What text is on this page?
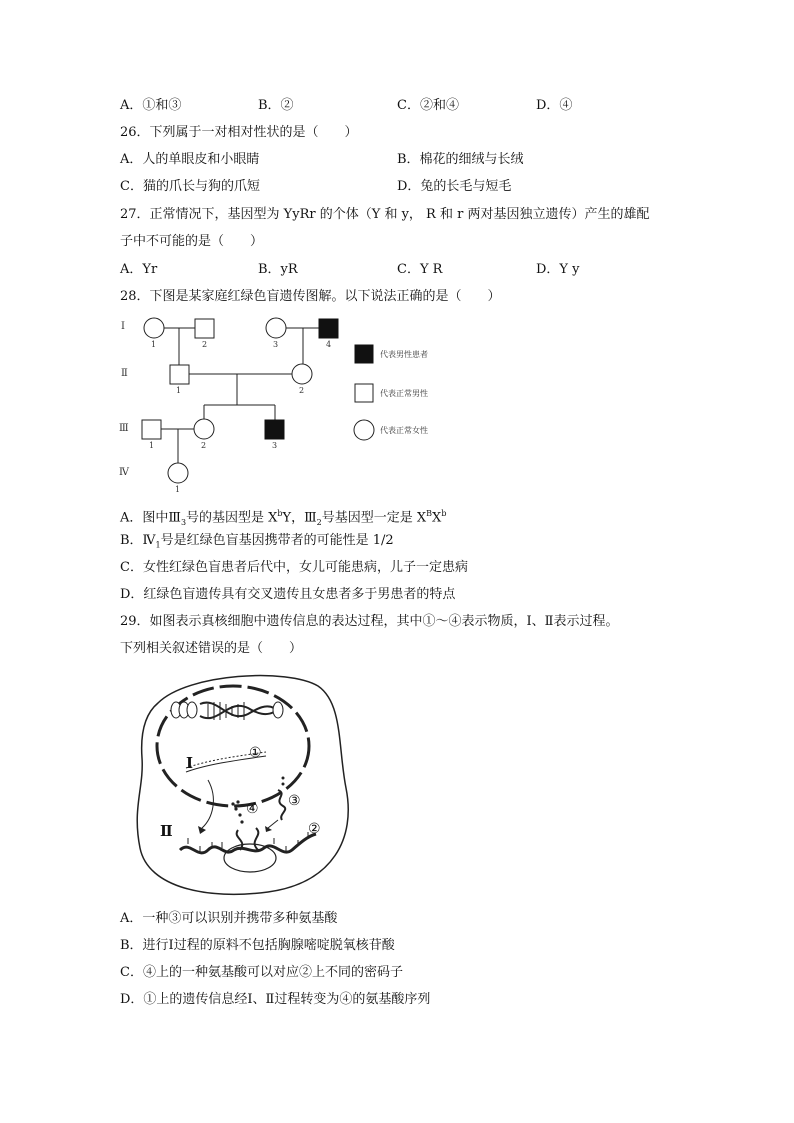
A．①和③	B．②	C．②和④	D．④
26．下列属于一对相对性状的是（　　）
A．人的单眼皮和小眼睛	B．棉花的细绒与长绒
C．猫的爪长与狗的爪短	D．兔的长毛与短毛
27．正常情况下，基因型为 YyRr 的个体（Y 和 y， R 和 r 两对基因独立遗传）产生的雄配
子中不可能的是（　　）
A．Yr	B．yR	C．Y R	D．Y y
28．下图是某家庭红绿色盲遗传图解。以下说法正确的是（　　）
Ⅰ
Ⅱ
Ⅲ
Ⅳ
1	2	3	4
1	2
1	2	3
1
代表男性患者
代表正常男性
代表正常女性
A．图中$Ⅲ_3$号的基因型是 $X^bY$，$Ⅲ_2$号基因型一定是 $X^BX^b$
B．$Ⅳ_1$号是红绿色盲基因携带者的可能性是 1/2
C．女性红绿色盲患者后代中，女儿可能患病，儿子一定患病
D．红绿色盲遗传具有交叉遗传且女患者多于男患者的特点
29．如图表示真核细胞中遗传信息的表达过程，其中①～④表示物质，Ⅰ、Ⅱ表示过程。
下列相关叙述错误的是（　　）
①
②
③
④
Ⅰ
Ⅱ
A．一种③可以识别并携带多种氨基酸
B．进行Ⅰ过程的原料不包括胸腺嘧啶脱氧核苷酸
C．④上的一种氨基酸可以对应②上不同的密码子
D．①上的遗传信息经Ⅰ、Ⅱ过程转变为④的氨基酸序列
